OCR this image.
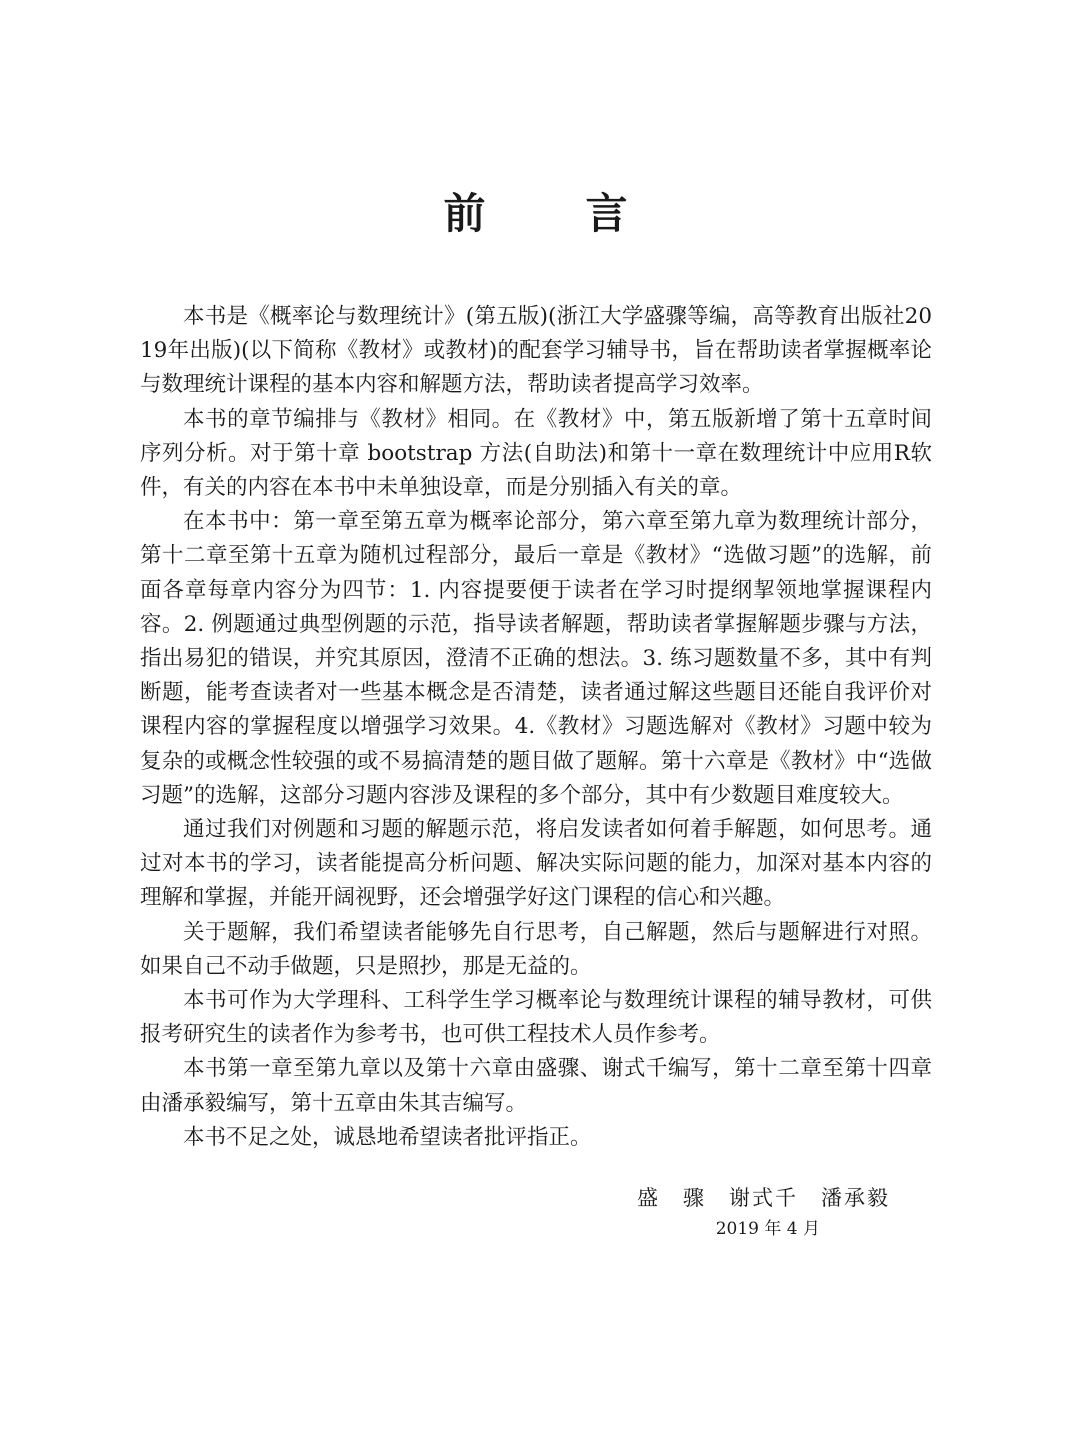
前 言

本书是《概率论与数理统计》(第五版)(浙江大学盛骤等编，高等教育出版社2019年出版)(以下简称《教材》或教材)的配套学习辅导书，旨在帮助读者掌握概率论与数理统计课程的基本内容和解题方法，帮助读者提高学习效率。

本书的章节编排与《教材》相同。在《教材》中，第五版新增了第十五章时间序列分析。对于第十章 bootstrap 方法(自助法)和第十一章在数理统计中应用R软件，有关的内容在本书中未单独设章，而是分别插入有关的章。

在本书中：第一章至第五章为概率论部分，第六章至第九章为数理统计部分，第十二章至第十五章为随机过程部分，最后一章是《教材》“选做习题”的选解，前面各章每章内容分为四节：1. 内容提要便于读者在学习时提纲挈领地掌握课程内容。2. 例题通过典型例题的示范，指导读者解题，帮助读者掌握解题步骤与方法，指出易犯的错误，并究其原因，澄清不正确的想法。3. 练习题数量不多，其中有判断题，能考查读者对一些基本概念是否清楚，读者通过解这些题目还能自我评价对课程内容的掌握程度以增强学习效果。4.《教材》习题选解对《教材》习题中较为复杂的或概念性较强的或不易搞清楚的题目做了题解。第十六章是《教材》中“选做习题”的选解，这部分习题内容涉及课程的多个部分，其中有少数题目难度较大。

通过我们对例题和习题的解题示范，将启发读者如何着手解题，如何思考。通过对本书的学习，读者能提高分析问题、解决实际问题的能力，加深对基本内容的理解和掌握，并能开阔视野，还会增强学好这门课程的信心和兴趣。

关于题解，我们希望读者能够先自行思考，自己解题，然后与题解进行对照。如果自己不动手做题，只是照抄，那是无益的。

本书可作为大学理科、工科学生学习概率论与数理统计课程的辅导教材，可供报考研究生的读者作为参考书，也可供工程技术人员作参考。

本书第一章至第九章以及第十六章由盛骤、谢式千编写，第十二章至第十四章由潘承毅编写，第十五章由朱其吉编写。

本书不足之处，诚恳地希望读者批评指正。

盛　骤　谢式千　潘承毅
2019 年 4 月
